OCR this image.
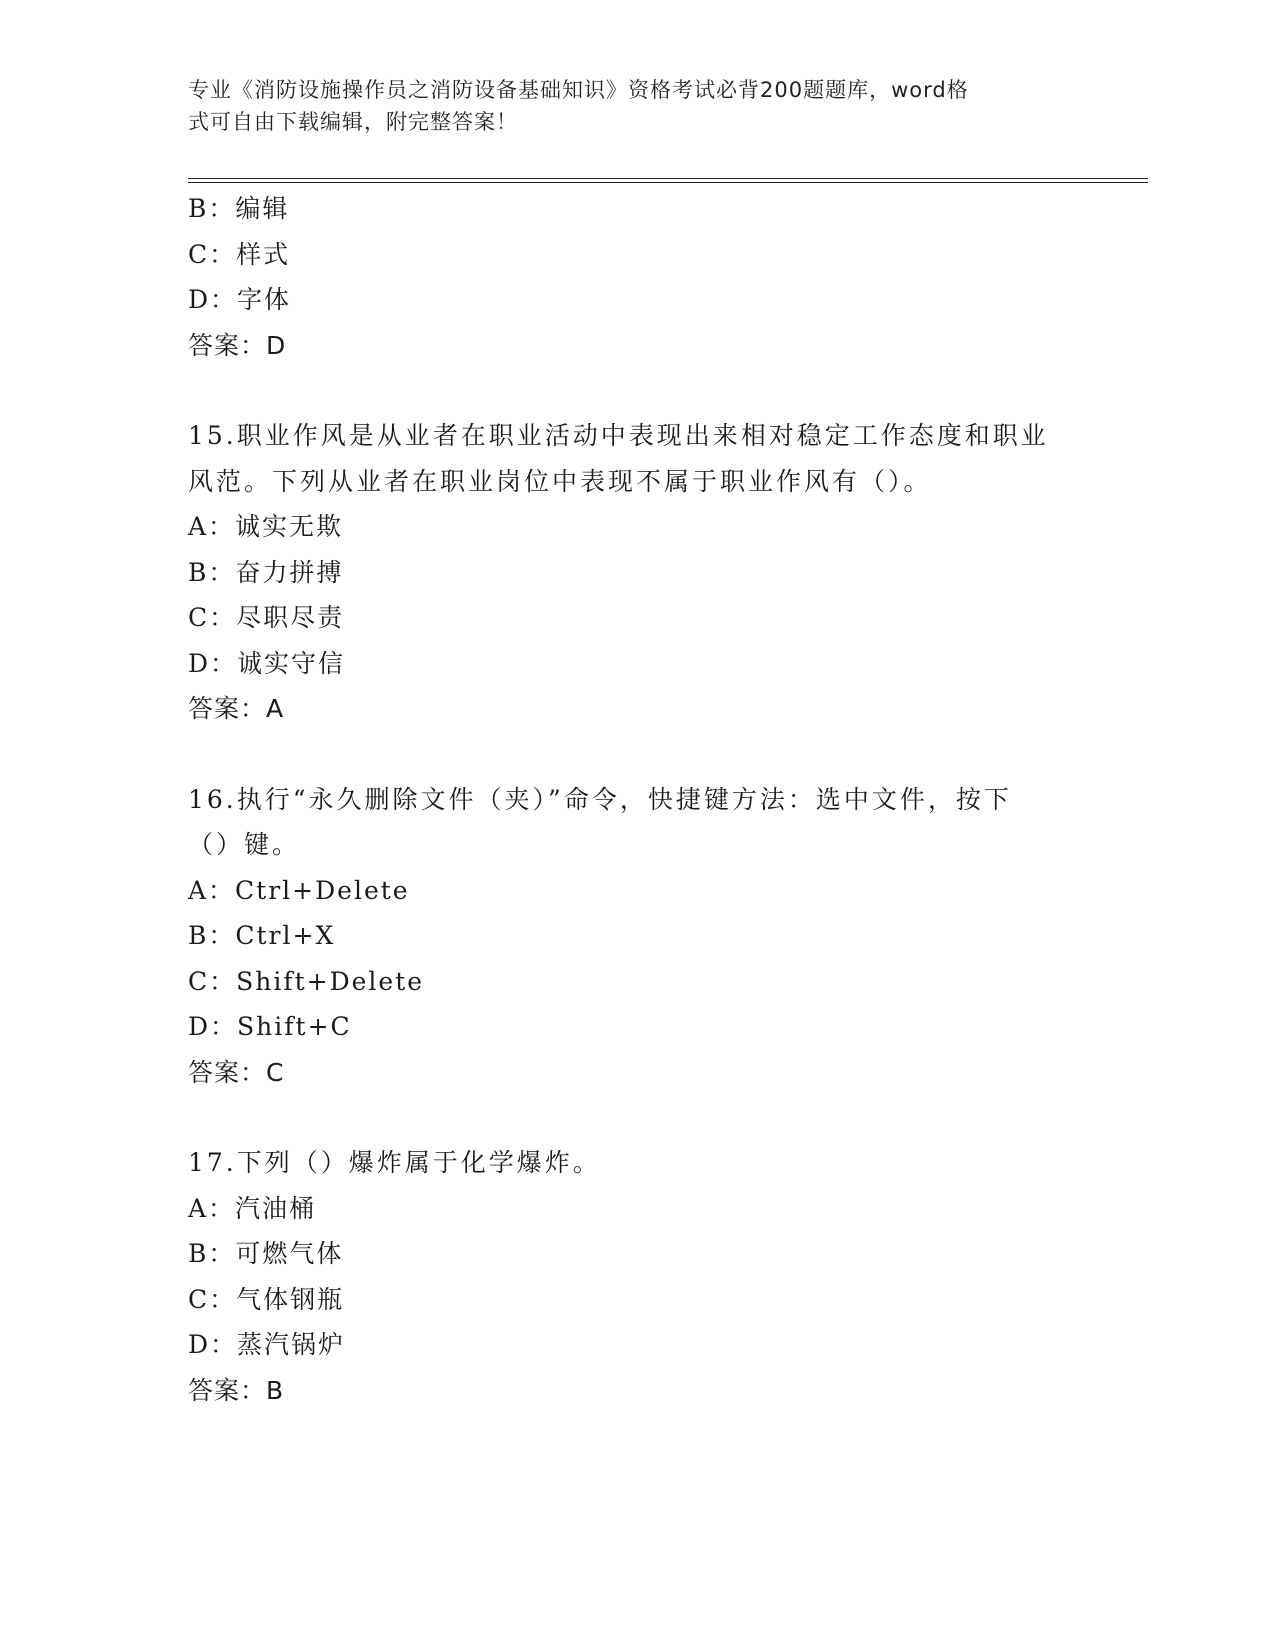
专业《消防设施操作员之消防设备基础知识》资格考试必背200题题库，word格
式可自由下载编辑，附完整答案！
B：编辑
C：样式
D：字体
答案：D
15.职业作风是从业者在职业活动中表现出来相对稳定工作态度和职业
风范。下列从业者在职业岗位中表现不属于职业作风有（）。
A：诚实无欺
B：奋力拼搏
C：尽职尽责
D：诚实守信
答案：A
16.执行“永久删除文件（夹）”命令，快捷键方法：选中文件，按下
（）键。
A：Ctrl+Delete
B：Ctrl+X
C：Shift+Delete
D：Shift+C
答案：C
17.下列（）爆炸属于化学爆炸。
A：汽油桶
B：可燃气体
C：气体钢瓶
D：蒸汽锅炉
答案：B
